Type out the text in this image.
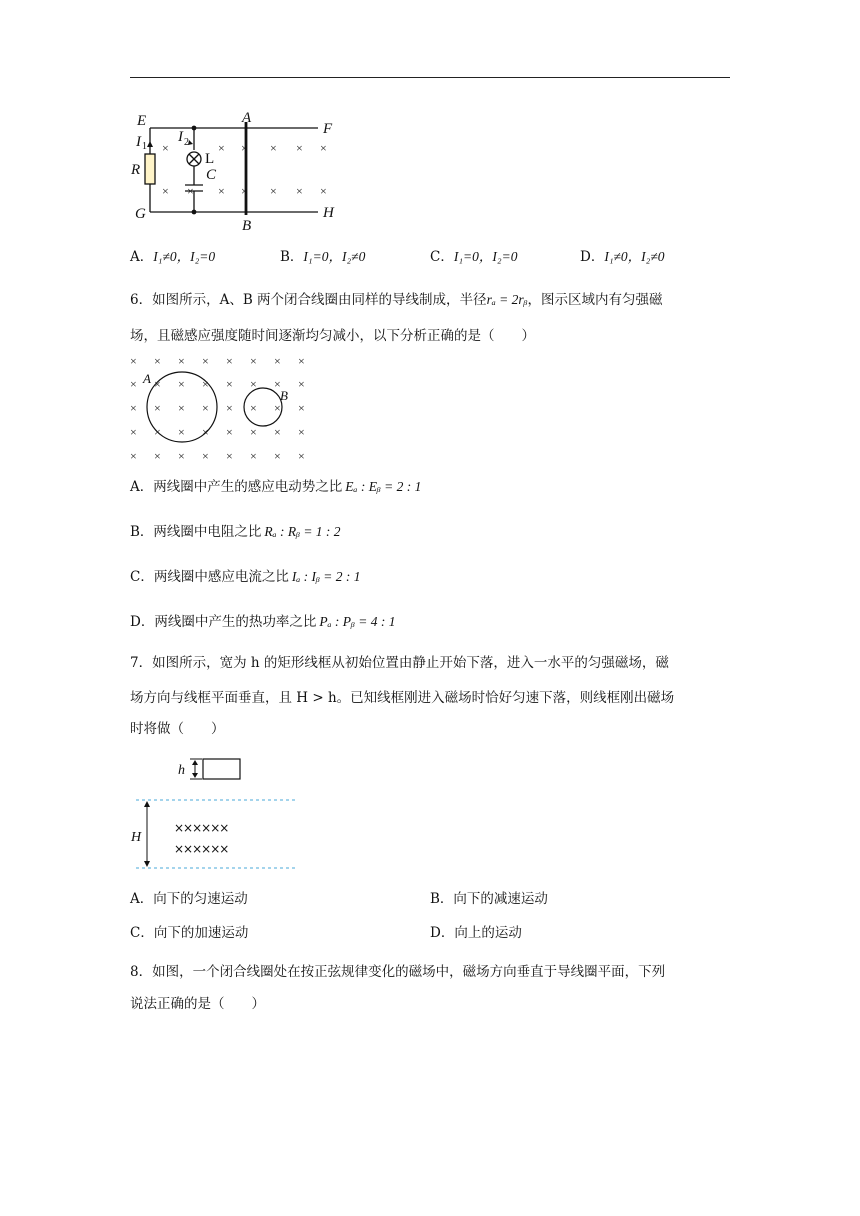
×	× × × × ×
× × × × × × ×
E	F
G	H
A
B
R	C
I I
1	2
L
A．I₁≠0，I₂=0	B．I₁=0，I₂≠0	C．I₁=0，I₂=0	D．I₁≠0，I₂≠0
6．如图所示，A、B 两个闭合线圈由同样的导线制成，半径rₐ = 2rᵦ，图示区域内有匀强磁
场，且磁感应强度随时间逐渐均匀减小，以下分析正确的是（　　）
× × × × × × × ×
× × × × × × × ×
× × × × × × × ×
× × × × × × × ×
× × × × × × × ×
A
B
A．两线圈中产生的感应电动势之比 Eₐ : Eᵦ = 2 : 1
B．两线圈中电阻之比 Rₐ : Rᵦ = 1 : 2
C．两线圈中感应电流之比 Iₐ : Iᵦ = 2 : 1
D．两线圈中产生的热功率之比 Pₐ : Pᵦ = 4 : 1
7．如图所示，宽为 h 的矩形线框从初始位置由静止开始下落，进入一水平的匀强磁场，磁
场方向与线框平面垂直，且 H > h。已知线框刚进入磁场时恰好匀速下落，则线框刚出磁场
时将做（　　）
h
H
××××××
××××××
A．向下的匀速运动	B．向下的减速运动
C．向下的加速运动	D．向上的运动
8．如图，一个闭合线圈处在按正弦规律变化的磁场中，磁场方向垂直于导线圈平面，下列
说法正确的是（　　）
